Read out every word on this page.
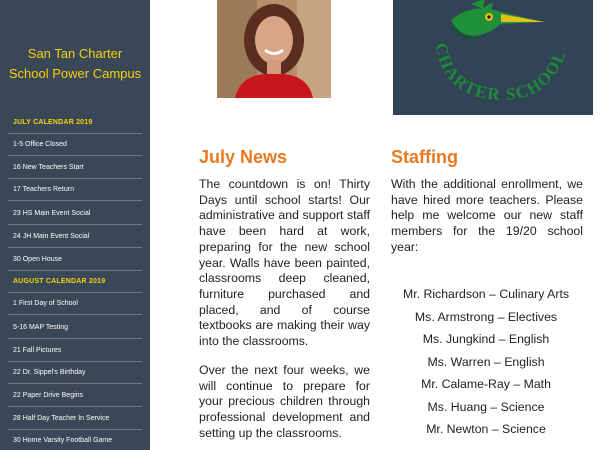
San Tan Charter School Power Campus
JULY CALENDAR 2019
1-5 Office Closed
16 New Teachers Start
17 Teachers Return
23 HS Main Event Social
24 JH Main Event Social
30 Open House
AUGUST CALENDAR 2019
1 First Day of School
5-16 MAP Testing
21 Fall Pictures
22 Dr. Sippel's Birthday
22 Paper Drive Begins
28 Half Day Teacher In Service
30 Home Varsity Football Game
CHARTER SCHOOL
July News

The countdown is on! Thirty Days until school starts! Our administrative and support staff have been hard at work, preparing for the new school year. Walls have been painted, classrooms deep cleaned, furniture purchased and placed, and of course textbooks are making their way into the classrooms.

Over the next four weeks, we will continue to prepare for your precious children through professional development and setting up the classrooms.

Staffing

With the additional enrollment, we have hired more teachers. Please help me welcome our new staff members for the 19/20 school year:

Mr. Richardson – Culinary Arts
Ms. Armstrong – Electives
Ms. Jungkind – English
Ms. Warren – English
Mr. Calame-Ray – Math
Ms. Huang – Science
Mr. Newton – Science
